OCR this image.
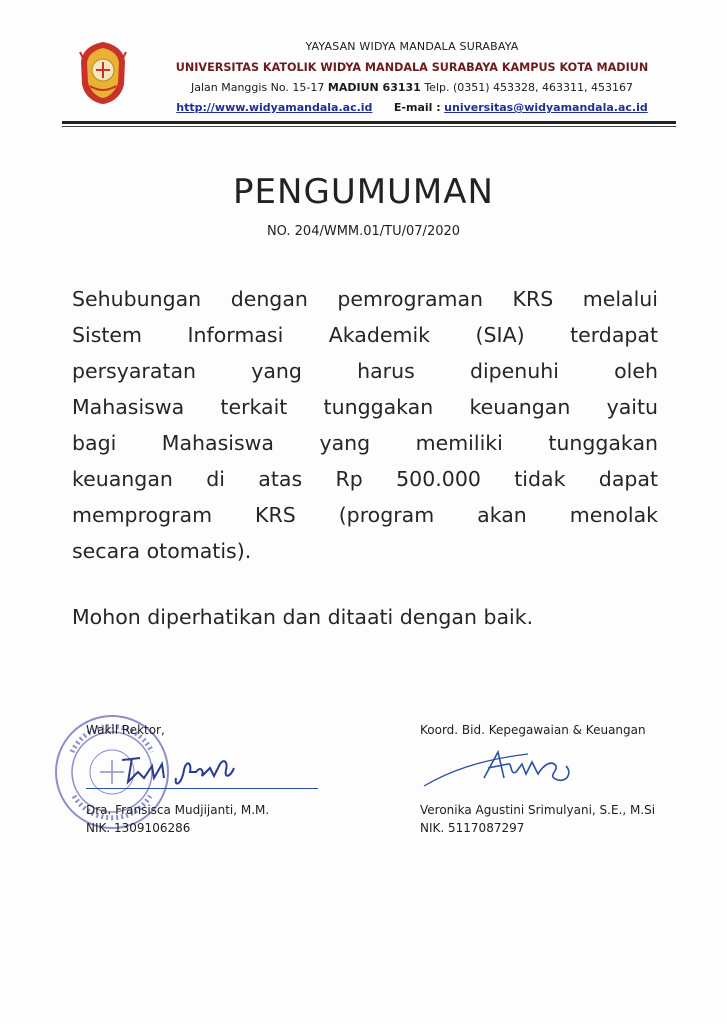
YAYASAN WIDYA MANDALA SURABAYA
UNIVERSITAS KATOLIK WIDYA MANDALA SURABAYA KAMPUS KOTA MADIUN
Jalan Manggis No. 15-17 MADIUN 63131 Telp. (0351) 453328, 463311, 453167
http://www.widyamandala.ac.id E-mail : universitas@widyamandala.ac.id
PENGUMUMAN
NO. 204/WMM.01/TU/07/2020
Sehubungan dengan pemrograman KRS melalui
Sistem Informasi Akademik (SIA) terdapat
persyaratan yang harus dipenuhi oleh
Mahasiswa terkait tunggakan keuangan yaitu
bagi Mahasiswa yang memiliki tunggakan
keuangan di atas Rp 500.000 tidak dapat
memprogram KRS (program akan menolak
secara otomatis).
Mohon diperhatikan dan ditaati dengan baik.
Wakil Rektor,
Dra. Fransisca Mudjijanti, M.M.
NIK. 1309106286
Koord. Bid. Kepegawaian & Keuangan
Veronika Agustini Srimulyani, S.E., M.Si
NIK. 5117087297
